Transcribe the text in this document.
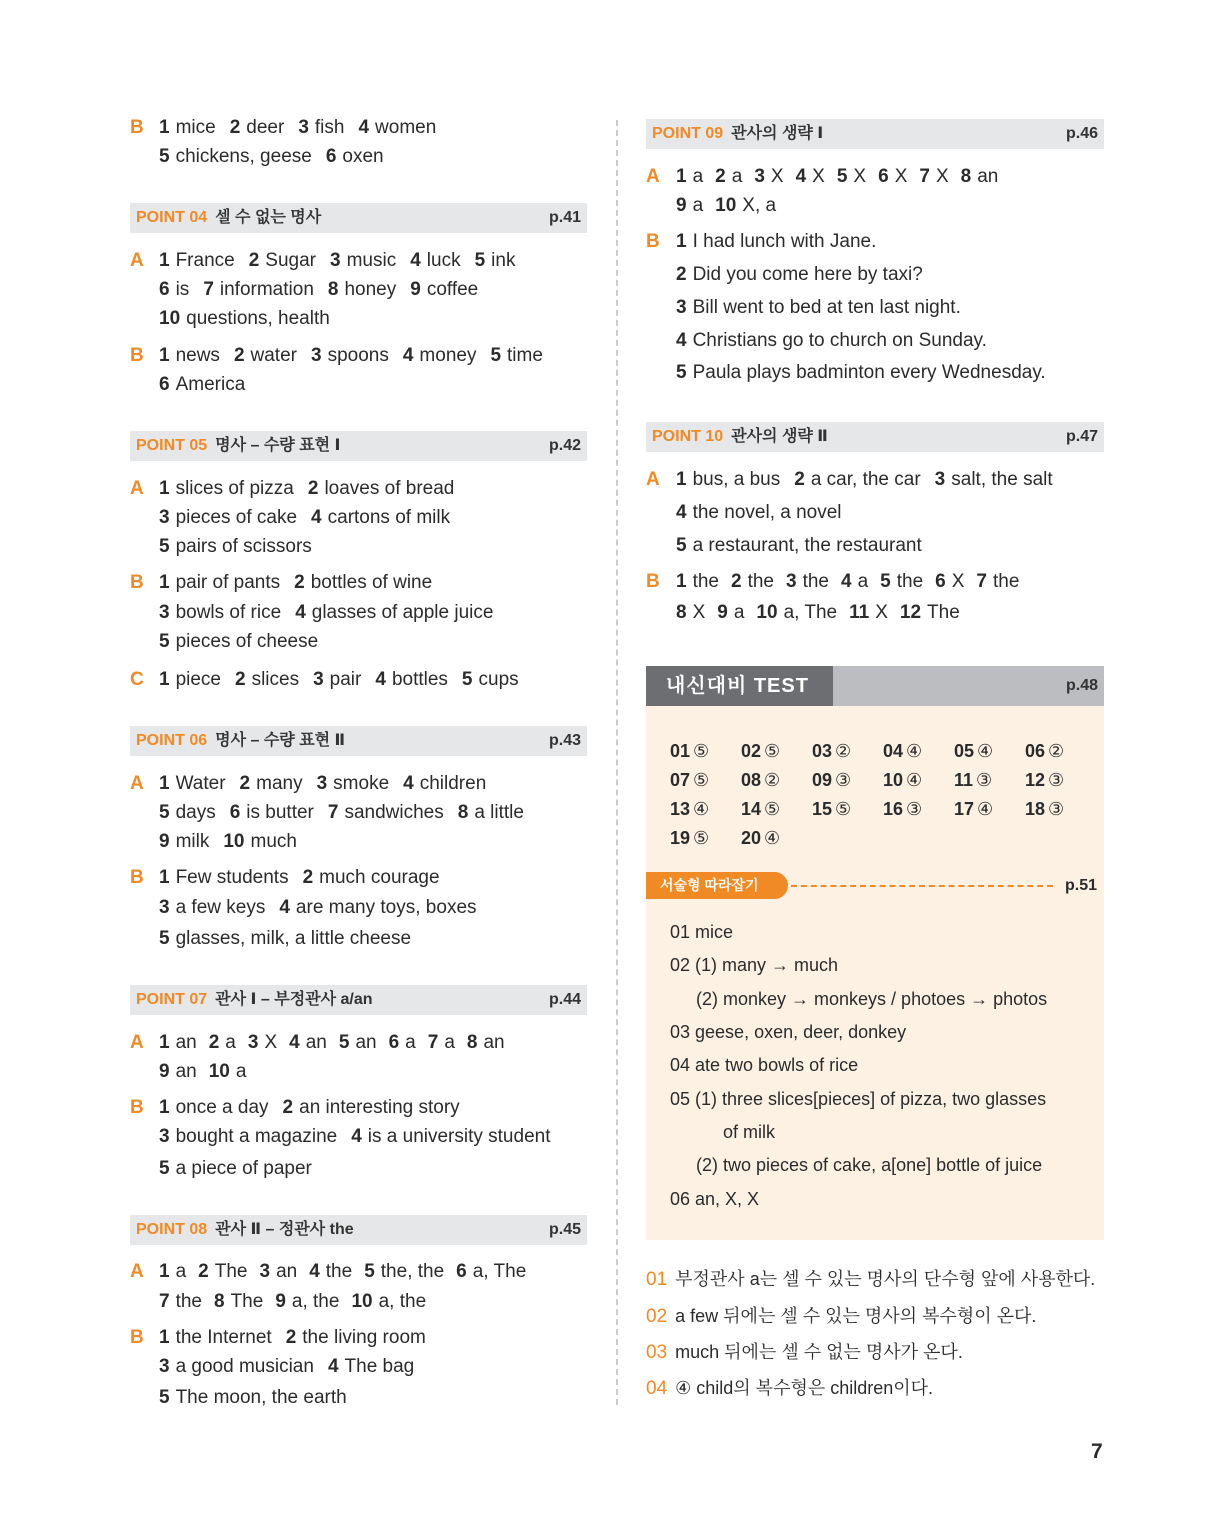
B 1 mice 2 deer 3 fish 4 women
5 chickens, geese 6 oxen
POINT 04 셀 수 없는 명사	p.41
A 1 France 2 Sugar 3 music 4 luck 5 ink
6 is 7 information 8 honey 9 coffee
10 questions, health
B 1 news 2 water 3 spoons 4 money 5 time
6 America
POINT 05 명사 – 수량 표현 Ⅰ	p.42
A 1 slices of pizza 2 loaves of bread
3 pieces of cake 4 cartons of milk
5 pairs of scissors
B 1 pair of pants 2 bottles of wine
3 bowls of rice 4 glasses of apple juice
5 pieces of cheese
C 1 piece 2 slices 3 pair 4 bottles 5 cups
POINT 06 명사 – 수량 표현 Ⅱ	p.43
A 1 Water 2 many 3 smoke 4 children
5 days 6 is butter 7 sandwiches 8 a little
9 milk 10 much
B 1 Few students 2 much courage
3 a few keys 4 are many toys, boxes
5 glasses, milk, a little cheese
POINT 07 관사 Ⅰ – 부정관사 a/an	p.44
A 1 an 2 a 3 X 4 an 5 an 6 a 7 a 8 an
9 an 10 a
B 1 once a day 2 an interesting story
3 bought a magazine 4 is a university student
5 a piece of paper
POINT 08 관사 Ⅱ – 정관사 the	p.45
A 1 a 2 The 3 an 4 the 5 the, the 6 a, The
7 the 8 The 9 a, the 10 a, the
B 1 the Internet 2 the living room
3 a good musician 4 The bag
5 The moon, the earth
내신대비 TEST	p.48
01 ⑤ 02 ⑤ 03 ② 04 ④ 05 ④ 06 ②
07 ⑤ 08 ② 09 ③ 10 ④ 11 ③ 12 ③
13 ④ 14 ⑤ 15 ⑤ 16 ③ 17 ④ 18 ③
19 ⑤ 20 ④
서술형 따라잡기	p.51
01 mice
02 (1) many → much
(2) monkey → monkeys / photoes → photos
03 geese, oxen, deer, donkey
04 ate two bowls of rice
05 (1) three slices[pieces] of pizza, two glasses
of milk
(2) two pieces of cake, a[one] bottle of juice
06 an, X, X
01 부정관사 a는 셀 수 있는 명사의 단수형 앞에 사용한다.
02 a few 뒤에는 셀 수 있는 명사의 복수형이 온다.
03 much 뒤에는 셀 수 없는 명사가 온다.
04 ④ child의 복수형은 children이다.
POINT 09 관사의 생략 Ⅰ	p.46
A 1 a 2 a 3 X 4 X 5 X 6 X 7 X 8 an
9 a 10 X, a
B 1 I had lunch with Jane.
2 Did you come here by taxi?
3 Bill went to bed at ten last night.
4 Christians go to church on Sunday.
5 Paula plays badminton every Wednesday.
POINT 10 관사의 생략 Ⅱ	p.47
A 1 bus, a bus 2 a car, the car 3 salt, the salt
4 the novel, a novel
5 a restaurant, the restaurant
B 1 the 2 the 3 the 4 a 5 the 6 X 7 the
8 X 9 a 10 a, The 11 X 12 The
7
